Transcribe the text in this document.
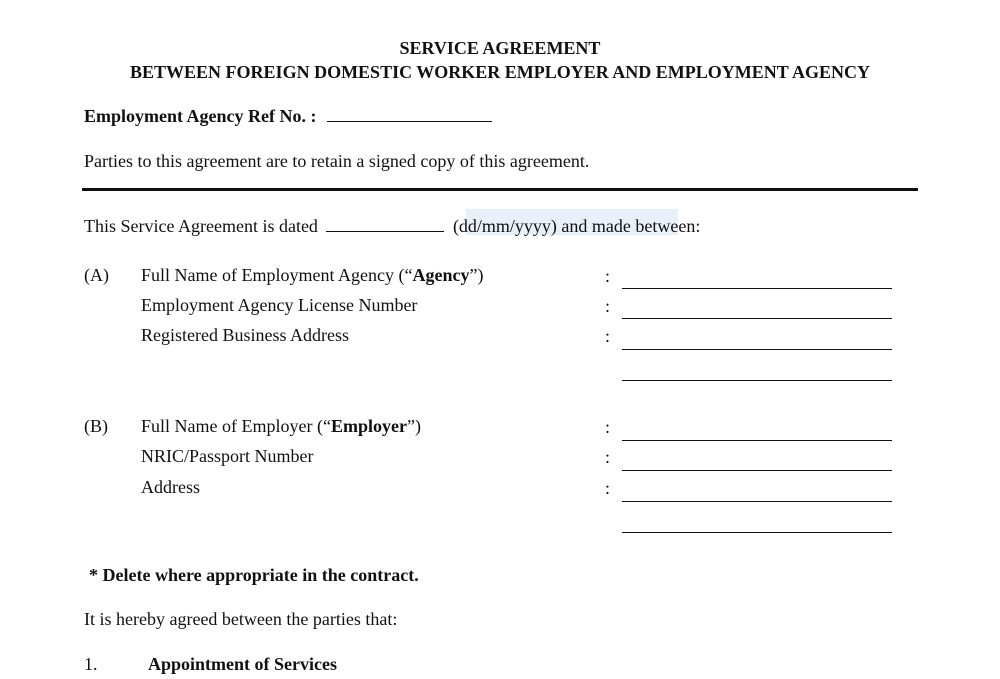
SERVICE AGREEMENT
BETWEEN FOREIGN DOMESTIC WORKER EMPLOYER AND EMPLOYMENT AGENCY
Employment Agency Ref No. :
Parties to this agreement are to retain a signed copy of this agreement.
This Service Agreement is dated	(dd/mm/yyyy) and made between:
(A) Full Name of Employment Agency (“Agency”)
Employment Agency License Number
Registered Business Address
:
:
:
(B) Full Name of Employer (“Employer”)
NRIC/Passport Number
Address
:
:
:
* Delete where appropriate in the contract.
It is hereby agreed between the parties that:
1.	Appointment of Services
